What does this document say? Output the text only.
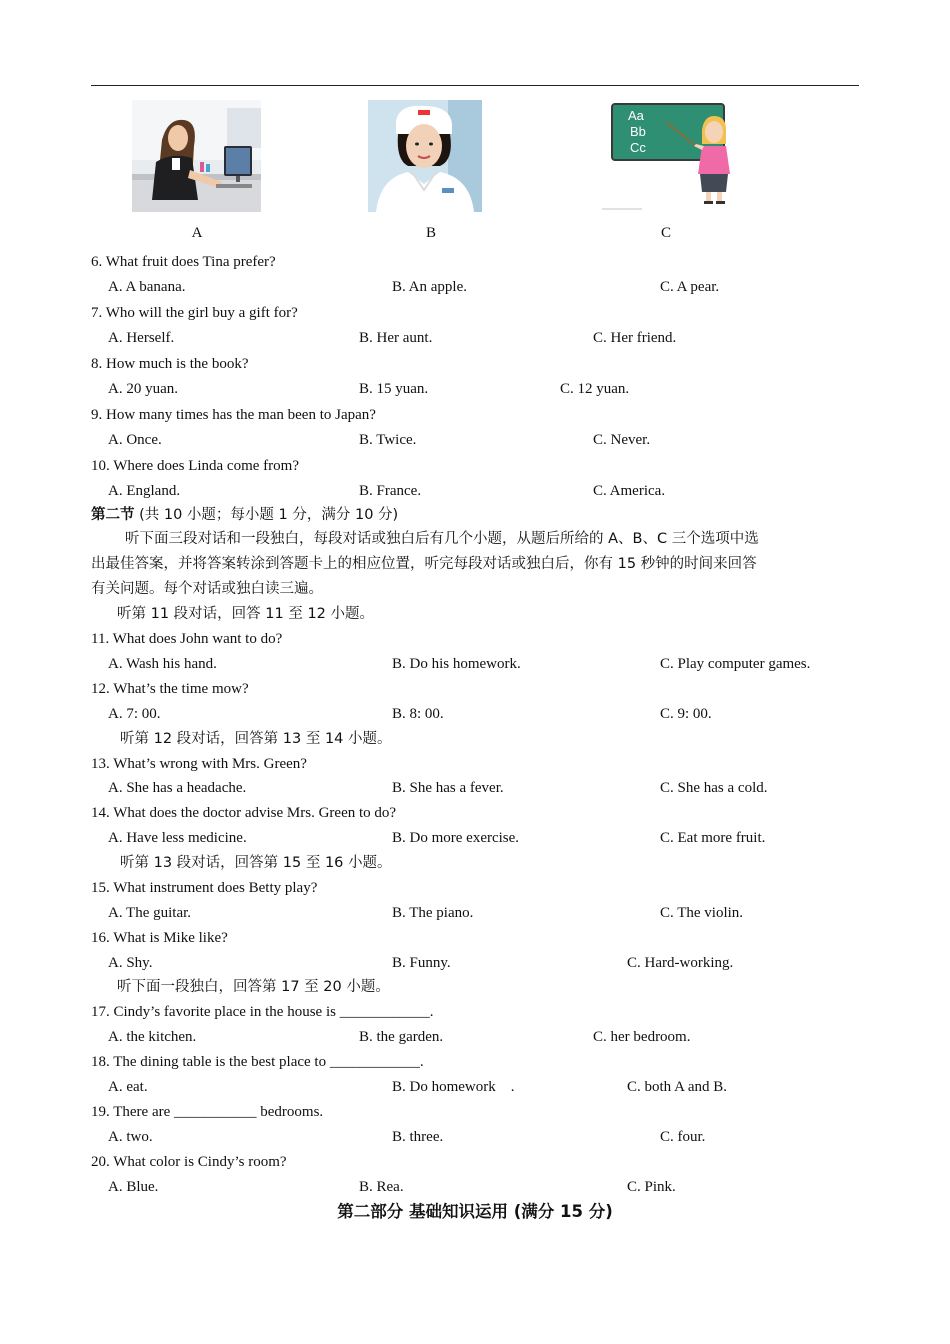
A	B
Aa
Bb
Cc
C
6. What fruit does Tina prefer?
A. A banana.	B. An apple.	C. A pear.
7. Who will the girl buy a gift for?
A. Herself.	B. Her aunt.	C. Her friend.
8. How much is the book?
A. 20 yuan.	B. 15 yuan.	C. 12 yuan.
9. How many times has the man been to Japan?
A. Once.	B. Twice.	C. Never.
10. Where does Linda come from?
A. England.	B. France.	C. America.
第二节 (共 10 小题；每小题 1 分，满分 10 分)
听下面三段对话和一段独白，每段对话或独白后有几个小题，从题后所给的 A、B、C 三个选项中选
出最佳答案，并将答案转涂到答题卡上的相应位置，听完每段对话或独白后，你有 15 秒钟的时间来回答
有关问题。每个对话或独白读三遍。
听第 11 段对话，回答 11 至 12 小题。
11. What does John want to do?
A. Wash his hand.	B. Do his homework.	C. Play computer games.
12. What’s the time mow?
A. 7: 00.	B. 8: 00.	C. 9: 00.
听第 12 段对话，回答第 13 至 14 小题。
13. What’s wrong with Mrs. Green?
A. She has a headache.	B. She has a fever.	C. She has a cold.
14. What does the doctor advise Mrs. Green to do?
A. Have less medicine.	B. Do more exercise.	C. Eat more fruit.
听第 13 段对话，回答第 15 至 16 小题。
15. What instrument does Betty play?
A. The guitar.	B. The piano.	C. The violin.
16. What is Mike like?
A. Shy.	B. Funny.	C. Hard-working.
听下面一段独白，回答第 17 至 20 小题。
17. Cindy’s favorite place in the house is ____________.
A. the kitchen.	B. the garden.	C. her bedroom.
18. The dining table is the best place to ____________.
A. eat.	B. Do homework    .	C. both A and B.
19. There are ___________ bedrooms.
A. two.	B. three.	C. four.
20. What color is Cindy’s room?
A. Blue.	B. Rea.	C. Pink.
第二部分 基础知识运用 (满分 15 分)
